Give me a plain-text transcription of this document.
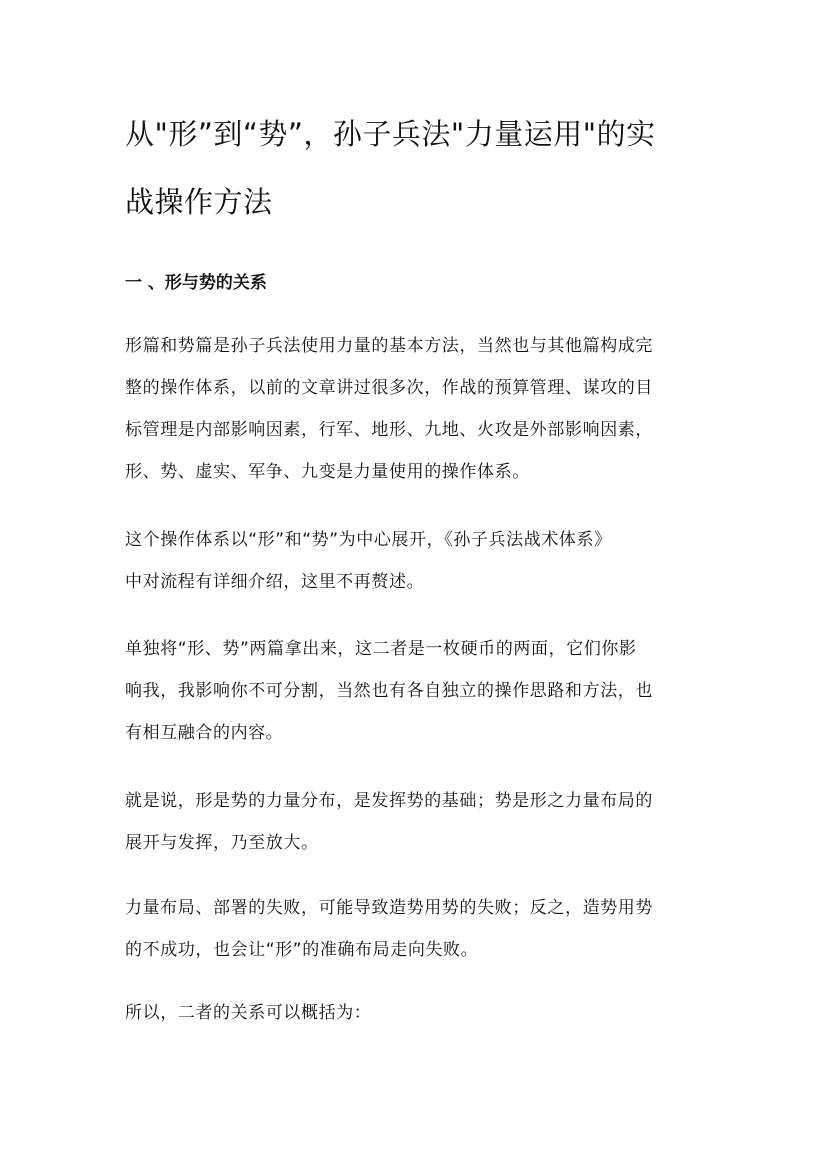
从"形”到“势”，孙子兵法"力量运用"的实
战操作方法
一 、形与势的关系
形篇和势篇是孙子兵法使用力量的基本方法，当然也与其他篇构成完
整的操作体系，以前的文章讲过很多次，作战的预算管理、谋攻的目
标管理是内部影响因素，行军、地形、九地、火攻是外部影响因素，
形、势、虚实、军争、九变是力量使用的操作体系。
这个操作体系以“形”和“势”为中心展开，《孙子兵法战术体系》
中对流程有详细介绍，这里不再赘述。
单独将“形、势”两篇拿出来，这二者是一枚硬币的两面，它们你影
响我，我影响你不可分割，当然也有各自独立的操作思路和方法，也
有相互融合的内容。
就是说，形是势的力量分布，是发挥势的基础；势是形之力量布局的
展开与发挥，乃至放大。
力量布局、部署的失败，可能导致造势用势的失败；反之，造势用势
的不成功，也会让“形”的准确布局走向失败。
所以，二者的关系可以概括为：
